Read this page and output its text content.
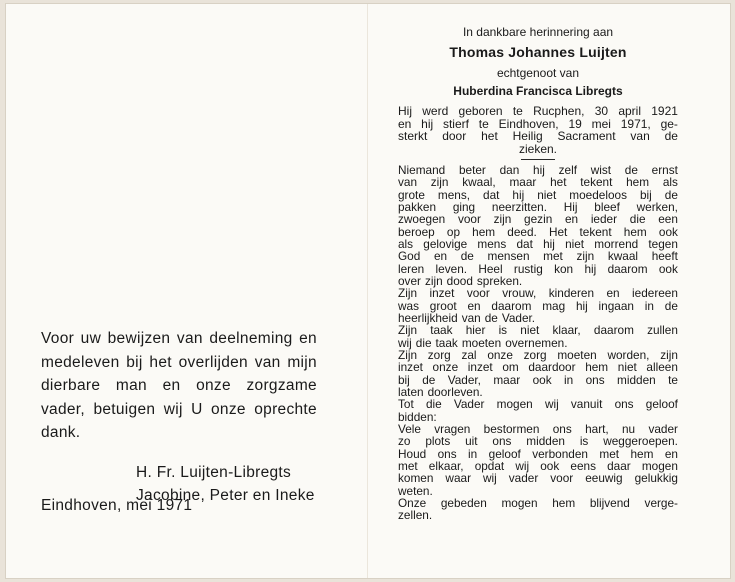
Voor uw bewijzen van deelneming en
medeleven bij het overlijden van mijn
dierbare man en onze zorgzame
vader, betuigen wij U onze oprechte
dank.
H. Fr. Luijten-Libregts
Jacobine, Peter en Ineke
Eindhoven, mei 1971
In dankbare herinnering aan
Thomas Johannes Luijten
echtgenoot van
Huberdina Francisca Libregts
Hij werd geboren te Rucphen, 30 april 1921
en hij stierf te Eindhoven, 19 mei 1971, ge-
sterkt door het Heilig Sacrament van de
zieken.
Niemand beter dan hij zelf wist de ernst
van zijn kwaal, maar het tekent hem als
grote mens, dat hij niet moedeloos bij de
pakken ging neerzitten. Hij bleef werken,
zwoegen voor zijn gezin en ieder die een
beroep op hem deed. Het tekent hem ook
als gelovige mens dat hij niet morrend tegen
God en de mensen met zijn kwaal heeft
leren leven. Heel rustig kon hij daarom ook
over zijn dood spreken.
Zijn inzet voor vrouw, kinderen en iedereen
was groot en daarom mag hij ingaan in de
heerlijkheid van de Vader.
Zijn taak hier is niet klaar, daarom zullen
wij die taak moeten overnemen.
Zijn zorg zal onze zorg moeten worden, zijn
inzet onze inzet om daardoor hem niet alleen
bij de Vader, maar ook in ons midden te
laten doorleven.
Tot die Vader mogen wij vanuit ons geloof
bidden:
Vele vragen bestormen ons hart, nu vader
zo plots uit ons midden is weggeroepen.
Houd ons in geloof verbonden met hem en
met elkaar, opdat wij ook eens daar mogen
komen waar wij vader voor eeuwig gelukkig
weten.
Onze gebeden mogen hem blijvend verge-
zellen.
